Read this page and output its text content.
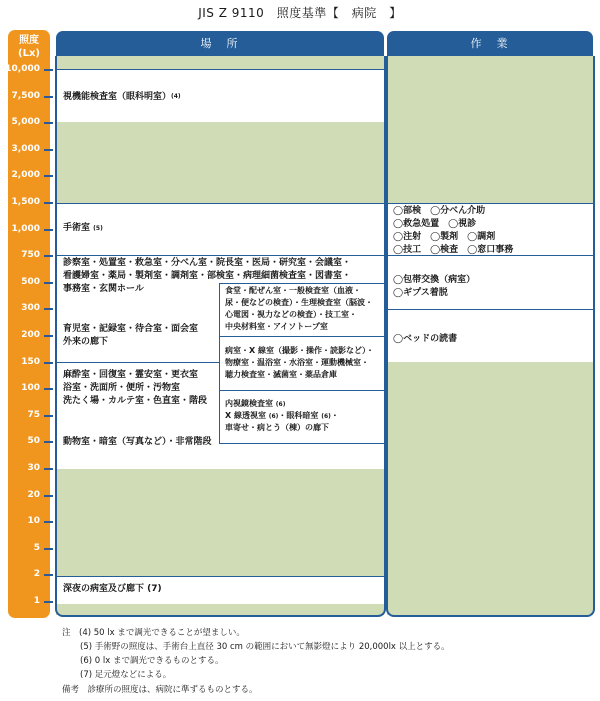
JIS Z 9110　照度基準【　病院　】
照度
(Lx)
10,000
7,500
5,000
3,000
2,000
1,500
1,000
750
500
300
200
150
100
75
50
30
20
10
5
2
1
場　所	作　業
視機能検査室（眼科明室）(4)
手術室 (5)
診察室・処置室・救急室・分べん室・院長室・医局・研究室・会議室・
看護婦室・薬局・製剤室・調剤室・部検室・病理細菌検査室・図書室・
事務室・玄関ホール	食堂・配ぜん室・一般検査室（血液・
尿・便などの検査）・生理検査室（脳波・
心電図・視力などの検査）・技工室・
中央材料室・アイソトープ室
育児室・記録室・待合室・面会室
外来の廊下
病室・X 線室（撮影・操作・読影など）・
物療室・温浴室・水浴室・運動機械室・
聴力検査室・滅菌室・薬品倉庫
麻酔室・回復室・霊安室・更衣室
浴室・洗面所・便所・汚物室
洗たく場・カルテ室・色直室・階段 内視鏡検査室 (6)
X 線透視室 (6)・眼科暗室 (6)・
車寄せ・病とう（棟）の廊下
動物室・暗室（写真など）・非常階段
深夜の病室及び廊下 (7)
◯部検　◯分べん介助
◯救急処置　◯視診
◯注射　◯製剤　◯調剤
◯技工　◯検査　◯窓口事務
◯包帯交換（病室）
◯ギプス着脱
◯ベッドの読書
注　(4) 50 lx まで調光できることが望ましい。
(5) 手術野の照度は、手術台上直径 30 cm の範囲において無影燈により 20,000lx 以上とする。
(6) 0 lx まで調光できるものとする。
(7) 足元燈などによる。
備考　診療所の照度は、病院に準ずるものとする。
